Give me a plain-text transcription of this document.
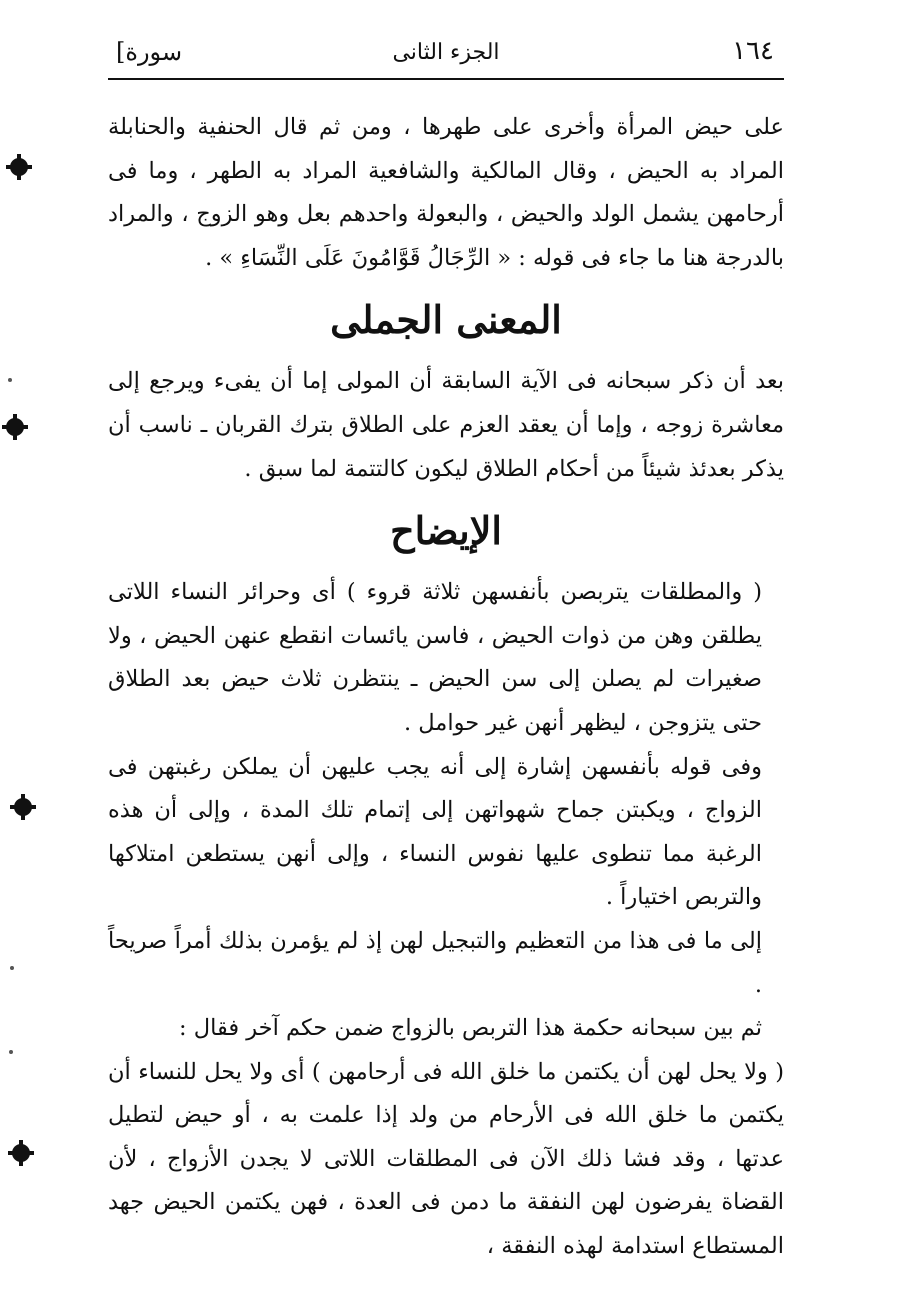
١٦٤
الجزء الثانى
[سورة

على حيض المرأة وأخرى على طهرها ، ومن ثم قال الحنفية والحنابلة المراد به الحيض ، وقال المالكية والشافعية المراد به الطهر ، وما فى أرحامهن يشمل الولد والحيض ، والبعولة واحدهم بعل وهو الزوج ، والمراد بالدرجة هنا ما جاء فى قوله : « الرِّجَالُ قَوَّامُونَ عَلَى النِّسَاءِ » .

المعنى الجملى

بعد أن ذكر سبحانه فى الآية السابقة أن المولى إما أن يفىء ويرجع إلى معاشرة زوجه ، وإما أن يعقد العزم على الطلاق بترك القربان ـ ناسب أن يذكر بعدئذ شيئاً من أحكام الطلاق ليكون كالتتمة لما سبق .

الإيضاح

( والمطلقات يتربصن بأنفسهن ثلاثة قروء ) أى وحرائر النساء اللاتى يطلقن وهن من ذوات الحيض ، فاسن يائسات انقطع عنهن الحيض ، ولا صغيرات لم يصلن إلى سن الحيض ـ ينتظرن ثلاث حيض بعد الطلاق حتى يتزوجن ، ليظهر أنهن غير حوامل .

وفى قوله بأنفسهن إشارة إلى أنه يجب عليهن أن يملكن رغبتهن فى الزواج ، ويكبتن جماح شهواتهن إلى إتمام تلك المدة ، وإلى أن هذه الرغبة مما تنطوى عليها نفوس النساء ، وإلى أنهن يستطعن امتلاكها والتربص اختياراً .

إلى ما فى هذا من التعظيم والتبجيل لهن إذ لم يؤمرن بذلك أمراً صريحاً .

ثم بين سبحانه حكمة هذا التربص بالزواج ضمن حكم آخر فقال :

( ولا يحل لهن أن يكتمن ما خلق الله فى أرحامهن ) أى ولا يحل للنساء أن يكتمن ما خلق الله فى الأرحام من ولد إذا علمت به ، أو حيض لتطيل عدتها ، وقد فشا ذلك الآن فى المطلقات اللاتى لا يجدن الأزواج ، لأن القضاة يفرضون لهن النفقة ما دمن فى العدة ، فهن يكتمن الحيض جهد المستطاع استدامة لهذه النفقة ،
